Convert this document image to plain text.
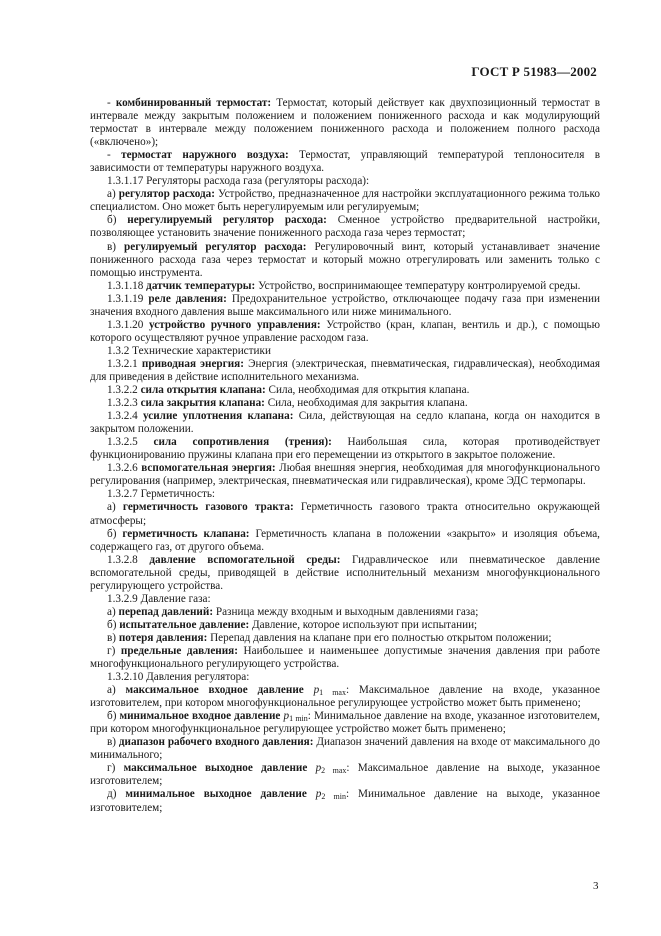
ГОСТ Р 51983—2002

- комбинированный термостат: Термостат, который действует как двухпозиционный термостат в интервале между закрытым положением и положением пониженного расхода и как модулирующий термостат в интервале между положением пониженного расхода и положением полного расхода («включено»);

- термостат наружного воздуха: Термостат, управляющий температурой теплоносителя в зависимости от температуры наружного воздуха.

1.3.1.17 Регуляторы расхода газа (регуляторы расхода):

а) регулятор расхода: Устройство, предназначенное для настройки эксплуатационного режима только специалистом. Оно может быть нерегулируемым или регулируемым;

б) нерегулируемый регулятор расхода: Сменное устройство предварительной настройки, позволяющее установить значение пониженного расхода газа через термостат;

в) регулируемый регулятор расхода: Регулировочный винт, который устанавливает значение пониженного расхода газа через термостат и который можно отрегулировать или заменить только с помощью инструмента.

1.3.1.18 датчик температуры: Устройство, воспринимающее температуру контролируемой среды.

1.3.1.19 реле давления: Предохранительное устройство, отключающее подачу газа при изменении значения входного давления выше максимального или ниже минимального.

1.3.1.20 устройство ручного управления: Устройство (кран, клапан, вентиль и др.), с помощью которого осуществляют ручное управление расходом газа.

1.3.2 Технические характеристики

1.3.2.1 приводная энергия: Энергия (электрическая, пневматическая, гидравлическая), необходимая для приведения в действие исполнительного механизма.

1.3.2.2 сила открытия клапана: Сила, необходимая для открытия клапана.

1.3.2.3 сила закрытия клапана: Сила, необходимая для закрытия клапана.

1.3.2.4 усилие уплотнения клапана: Сила, действующая на седло клапана, когда он находится в закрытом положении.

1.3.2.5 сила сопротивления (трения): Наибольшая сила, которая противодействует функционированию пружины клапана при его перемещении из открытого в закрытое положение.

1.3.2.6 вспомогательная энергия: Любая внешняя энергия, необходимая для многофункционального регулирования (например, электрическая, пневматическая или гидравлическая), кроме ЭДС термопары.

1.3.2.7 Герметичность:

а) герметичность газового тракта: Герметичность газового тракта относительно окружающей атмосферы;

б) герметичность клапана: Герметичность клапана в положении «закрыто» и изоляция объема, содержащего газ, от другого объема.

1.3.2.8 давление вспомогательной среды: Гидравлическое или пневматическое давление вспомогательной среды, приводящей в действие исполнительный механизм многофункционального регулирующего устройства.

1.3.2.9 Давление газа:

а) перепад давлений: Разница между входным и выходным давлениями газа;

б) испытательное давление: Давление, которое используют при испытании;

в) потеря давления: Перепад давления на клапане при его полностью открытом положении;

г) предельные давления: Наибольшее и наименьшее допустимые значения давления при работе многофункционального регулирующего устройства.

1.3.2.10 Давления регулятора:

а) максимальное входное давление $p_{1 max}$: Максимальное давление на входе, указанное изготовителем, при котором многофункциональное регулирующее устройство может быть применено;

б) минимальное входное давление $p_{1 min}$: Минимальное давление на входе, указанное изготовителем, при котором многофункциональное регулирующее устройство может быть применено;

в) диапазон рабочего входного давления: Диапазон значений давления на входе от максимального до минимального;

г) максимальное выходное давление $p_{2 max}$: Максимальное давление на выходе, указанное изготовителем;

д) минимальное выходное давление $p_{2 min}$: Минимальное давление на выходе, указанное изготовителем;

3
